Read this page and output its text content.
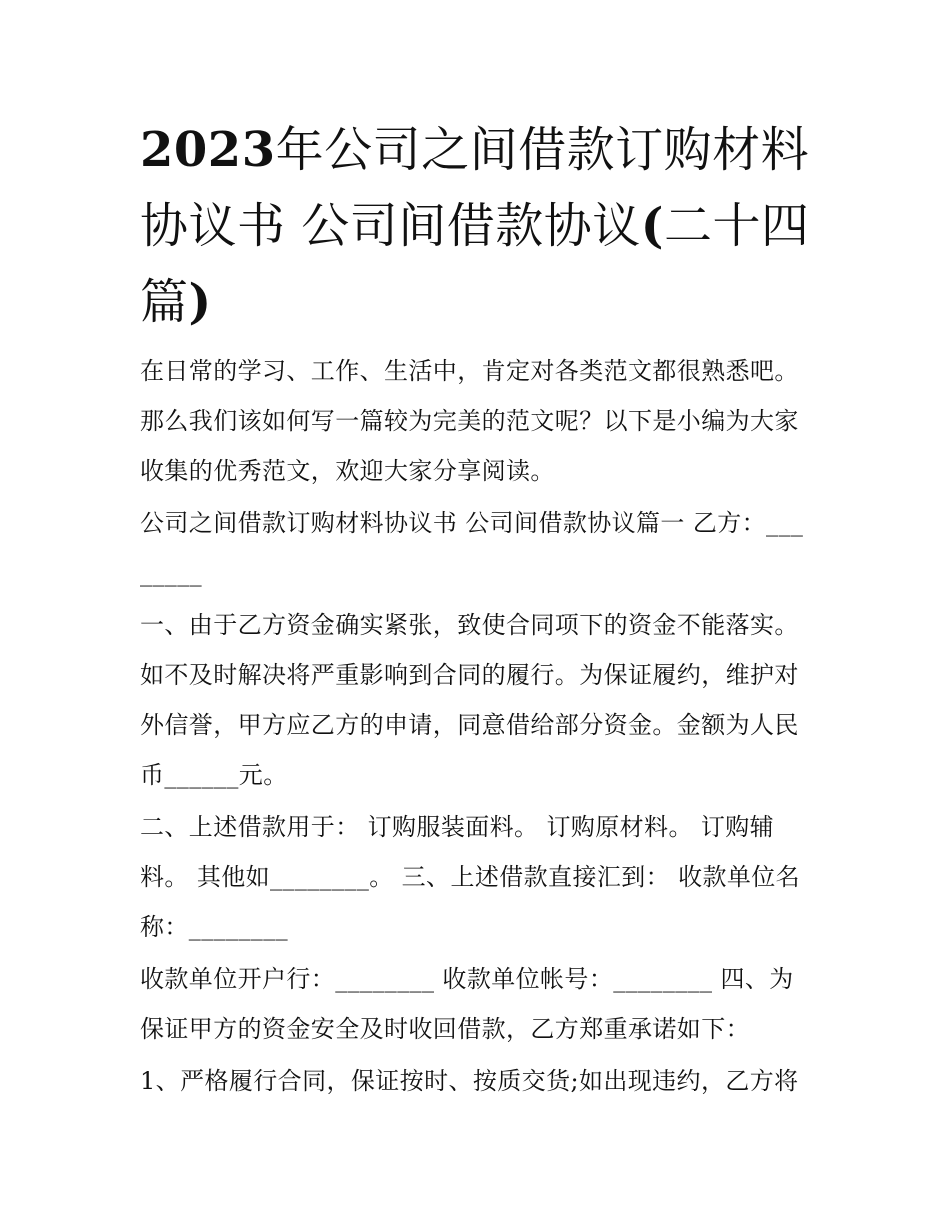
2023年公司之间借款订购材料协议书 公司间借款协议(二十四篇)

在日常的学习、工作、生活中，肯定对各类范文都很熟悉吧。那么我们该如何写一篇较为完美的范文呢？以下是小编为大家收集的优秀范文，欢迎大家分享阅读。

公司之间借款订购材料协议书 公司间借款协议篇一 乙方：________

一、由于乙方资金确实紧张，致使合同项下的资金不能落实。如不及时解决将严重影响到合同的履行。为保证履约，维护对外信誉，甲方应乙方的申请，同意借给部分资金。金额为人民币______元。

二、上述借款用于： 订购服装面料。 订购原材料。 订购辅料。 其他如________。 三、上述借款直接汇到： 收款单位名称：________

收款单位开户行：________ 收款单位帐号：________ 四、为保证甲方的资金安全及时收回借款，乙方郑重承诺如下：

1、严格履行合同，保证按时、按质交货;如出现违约，乙方将
